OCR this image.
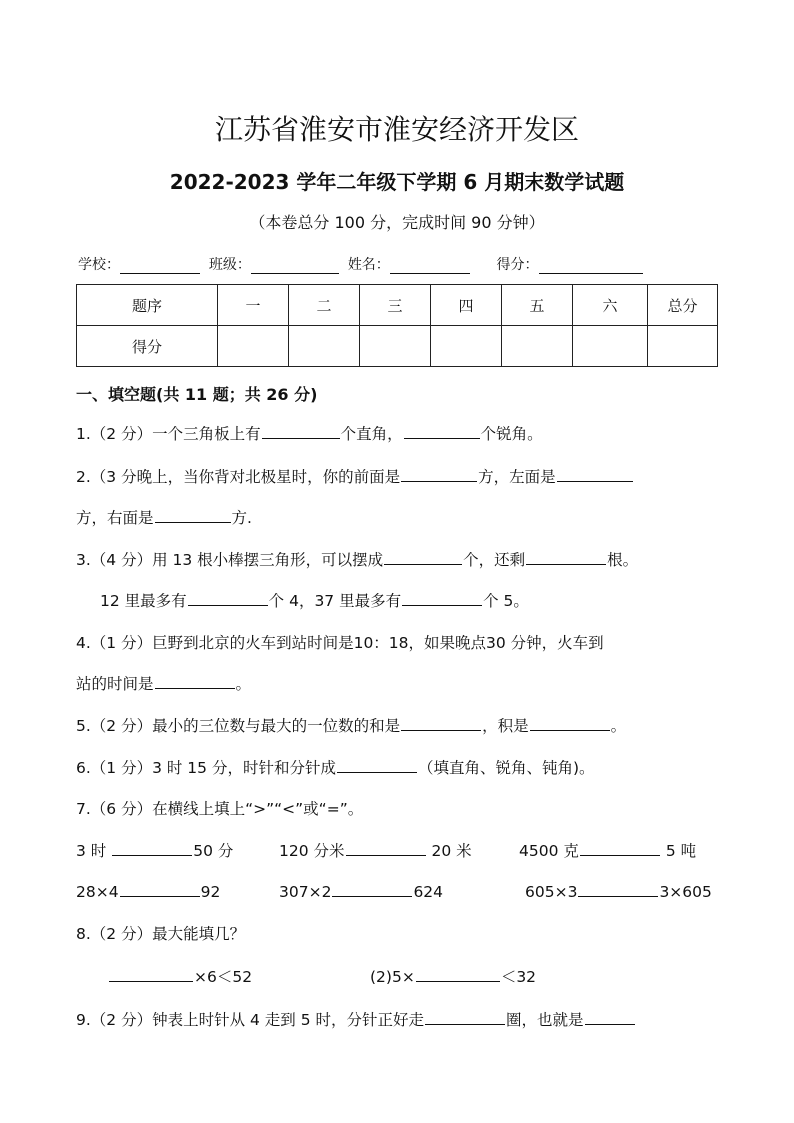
江苏省淮安市淮安经济开发区
2022-2023 学年二年级下学期 6 月期末数学试题
（本卷总分 100 分，完成时间 90 分钟）
学校：	班级：	姓名：	得分：
题序	一	二	三	四	五	六	总分
得分							
一、填空题(共 11 题；共 26 分)
1.（2 分）一个三角板上有	个直角，	个锐角。
2.（3 分晚上，当你背对北极星时，你的前面是	方，左面是
方，右面是	方.
3.（4 分）用 13 根小棒摆三角形，可以摆成	个，还剩	根。
12 里最多有	个 4，37 里最多有	个 5。
4.（1 分）巨野到北京的火车到站时间是10：18，如果晚点30 分钟，火车到
站的时间是	。
5.（2 分）最小的三位数与最大的一位数的和是	，积是	。
6.（1 分）3 时 15 分，时针和分针成	（填直角、锐角、钝角)。
7.（6 分）在横线上填上“>”“<”或“=”。
3 时	50 分	120 分米	20 米	4500 克	5 吨
28×4	92	307×2	624	605×3	3×605
8.（2 分）最大能填几？
×6＜52	(2)5×	＜32
9.（2 分）钟表上时针从 4 走到 5 时，分针正好走	圈，也就是
